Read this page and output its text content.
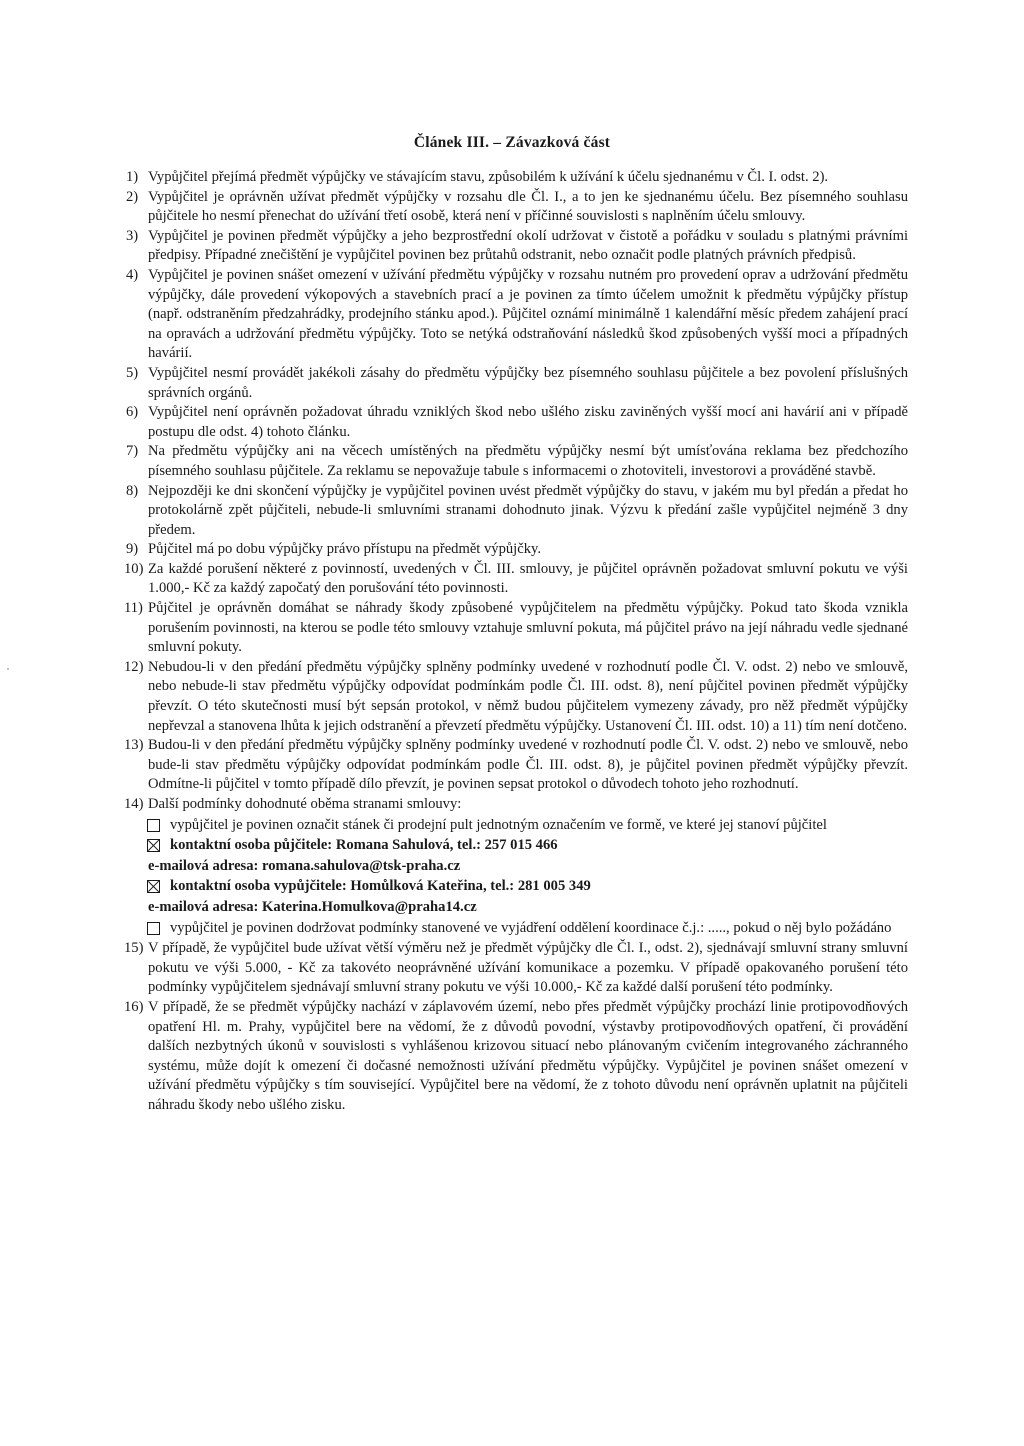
Článek III. – Závazková část
1) Vypůjčitel přejímá předmět výpůjčky ve stávajícím stavu, způsobilém k užívání k účelu sjednanému v Čl. I. odst. 2).
2) Vypůjčitel je oprávněn užívat předmět výpůjčky v rozsahu dle Čl. I., a to jen ke sjednanému účelu. Bez písemného souhlasu půjčitele ho nesmí přenechat do užívání třetí osobě, která není v příčinné souvislosti s naplněním účelu smlouvy.
3) Vypůjčitel je povinen předmět výpůjčky a jeho bezprostřední okolí udržovat v čistotě a pořádku v souladu s platnými právními předpisy. Případné znečištění je vypůjčitel povinen bez průtahů odstranit, nebo označit podle platných právních předpisů.
4) Vypůjčitel je povinen snášet omezení v užívání předmětu výpůjčky v rozsahu nutném pro provedení oprav a udržování předmětu výpůjčky, dále provedení výkopových a stavebních prací a je povinen za tímto účelem umožnit k předmětu výpůjčky přístup (např. odstraněním předzahrádky, prodejního stánku apod.). Půjčitel oznámí minimálně 1 kalendářní měsíc předem zahájení prací na opravách a udržování předmětu výpůjčky. Toto se netýká odstraňování následků škod způsobených vyšší moci a případných havárií.
5) Vypůjčitel nesmí provádět jakékoli zásahy do předmětu výpůjčky bez písemného souhlasu půjčitele a bez povolení příslušných správních orgánů.
6) Vypůjčitel není oprávněn požadovat úhradu vzniklých škod nebo ušlého zisku zaviněných vyšší mocí ani havárií ani v případě postupu dle odst. 4) tohoto článku.
7) Na předmětu výpůjčky ani na věcech umístěných na předmětu výpůjčky nesmí být umísťována reklama bez předchozího písemného souhlasu půjčitele. Za reklamu se nepovažuje tabule s informacemi o zhotoviteli, investorovi a prováděné stavbě.
8) Nejpozději ke dni skončení výpůjčky je vypůjčitel povinen uvést předmět výpůjčky do stavu, v jakém mu byl předán a předat ho protokolárně zpět půjčiteli, nebude-li smluvními stranami dohodnuto jinak. Výzvu k předání zašle vypůjčitel nejméně 3 dny předem.
9) Půjčitel má po dobu výpůjčky právo přístupu na předmět výpůjčky.
10) Za každé porušení některé z povinností, uvedených v Čl. III. smlouvy, je půjčitel oprávněn požadovat smluvní pokutu ve výši 1.000,- Kč za každý započatý den porušování této povinnosti.
11) Půjčitel je oprávněn domáhat se náhrady škody způsobené vypůjčitelem na předmětu výpůjčky. Pokud tato škoda vznikla porušením povinnosti, na kterou se podle této smlouvy vztahuje smluvní pokuta, má půjčitel právo na její náhradu vedle sjednané smluvní pokuty.
12) Nebudou-li v den předání předmětu výpůjčky splněny podmínky uvedené v rozhodnutí podle Čl. V. odst. 2) nebo ve smlouvě, nebo nebude-li stav předmětu výpůjčky odpovídat podmínkám podle Čl. III. odst. 8), není půjčitel povinen předmět výpůjčky převzít. O této skutečnosti musí být sepsán protokol, v němž budou půjčitelem vymezeny závady, pro něž předmět výpůjčky nepřevzal a stanovena lhůta k jejich odstranění a převzetí předmětu výpůjčky. Ustanovení Čl. III. odst. 10) a 11) tím není dotčeno.
13) Budou-li v den předání předmětu výpůjčky splněny podmínky uvedené v rozhodnutí podle Čl. V. odst. 2) nebo ve smlouvě, nebo bude-li stav předmětu výpůjčky odpovídat podmínkám podle Čl. III. odst. 8), je půjčitel povinen předmět výpůjčky převzít. Odmítne-li půjčitel v tomto případě dílo převzít, je povinen sepsat protokol o důvodech tohoto jeho rozhodnutí.
14) Další podmínky dohodnuté oběma stranami smlouvy:
vypůjčitel je povinen označit stánek či prodejní pult jednotným označením ve formě, ve které jej stanoví půjčitel
kontaktní osoba půjčitele: Romana Sahulová, tel.: 257 015 466
e-mailová adresa: romana.sahulova@tsk-praha.cz
kontaktní osoba vypůjčitele: Homůlková Kateřina, tel.: 281 005 349
e-mailová adresa: Katerina.Homulkova@praha14.cz
vypůjčitel je povinen dodržovat podmínky stanovené ve vyjádření oddělení koordinace č.j.: ....., pokud o něj bylo požádáno
15) V případě, že vypůjčitel bude užívat větší výměru než je předmět výpůjčky dle Čl. I., odst. 2), sjednávají smluvní strany smluvní pokutu ve výši 5.000, - Kč za takovéto neoprávněné užívání komunikace a pozemku. V případě opakovaného porušení této podmínky vypůjčitelem sjednávají smluvní strany pokutu ve výši 10.000,- Kč za každé další porušení této podmínky.
16) V případě, že se předmět výpůjčky nachází v záplavovém území, nebo přes předmět výpůjčky prochází linie protipovodňových opatření Hl. m. Prahy, vypůjčitel bere na vědomí, že z důvodů povodní, výstavby protipovodňových opatření, či provádění dalších nezbytných úkonů v souvislosti s vyhlášenou krizovou situací nebo plánovaným cvičením integrovaného záchranného systému, může dojít k omezení či dočasné nemožnosti užívání předmětu výpůjčky. Vypůjčitel je povinen snášet omezení v užívání předmětu výpůjčky s tím související. Vypůjčitel bere na vědomí, že z tohoto důvodu není oprávněn uplatnit na půjčiteli náhradu škody nebo ušlého zisku.
